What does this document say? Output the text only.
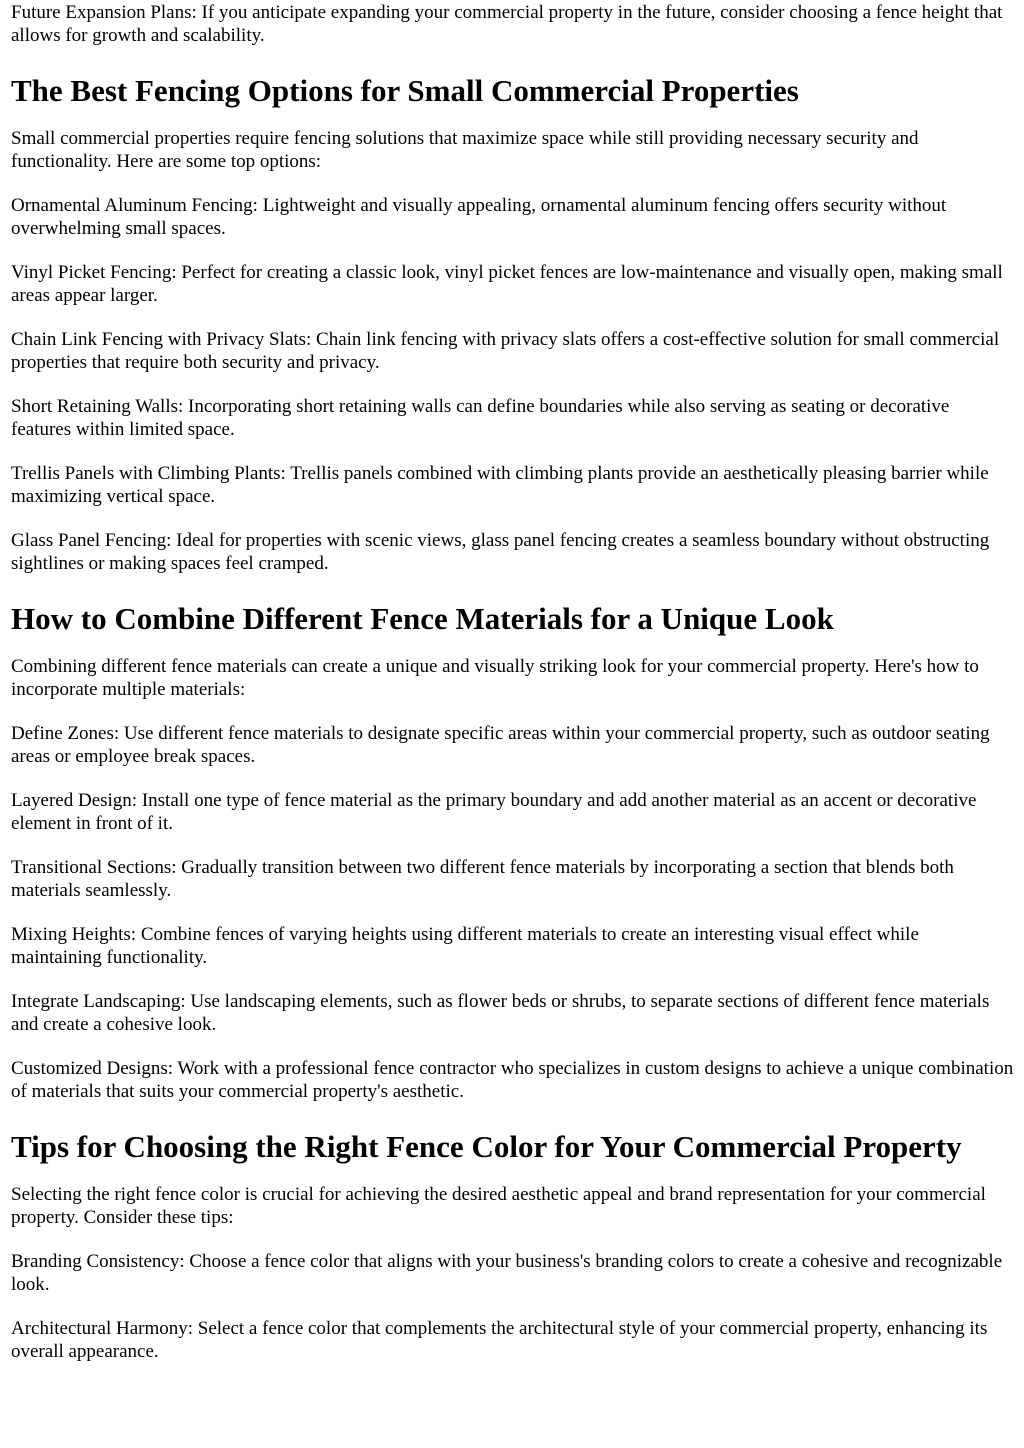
Future Expansion Plans: If you anticipate expanding your commercial property in the future, consider choosing a fence height that allows for growth and scalability.

The Best Fencing Options for Small Commercial Properties

Small commercial properties require fencing solutions that maximize space while still providing necessary security and functionality. Here are some top options:

Ornamental Aluminum Fencing: Lightweight and visually appealing, ornamental aluminum fencing offers security without overwhelming small spaces.

Vinyl Picket Fencing: Perfect for creating a classic look, vinyl picket fences are low-maintenance and visually open, making small areas appear larger.

Chain Link Fencing with Privacy Slats: Chain link fencing with privacy slats offers a cost-effective solution for small commercial properties that require both security and privacy.

Short Retaining Walls: Incorporating short retaining walls can define boundaries while also serving as seating or decorative features within limited space.

Trellis Panels with Climbing Plants: Trellis panels combined with climbing plants provide an aesthetically pleasing barrier while maximizing vertical space.

Glass Panel Fencing: Ideal for properties with scenic views, glass panel fencing creates a seamless boundary without obstructing sightlines or making spaces feel cramped.

How to Combine Different Fence Materials for a Unique Look

Combining different fence materials can create a unique and visually striking look for your commercial property. Here's how to incorporate multiple materials:

Define Zones: Use different fence materials to designate specific areas within your commercial property, such as outdoor seating areas or employee break spaces.

Layered Design: Install one type of fence material as the primary boundary and add another material as an accent or decorative element in front of it.

Transitional Sections: Gradually transition between two different fence materials by incorporating a section that blends both materials seamlessly.

Mixing Heights: Combine fences of varying heights using different materials to create an interesting visual effect while maintaining functionality.

Integrate Landscaping: Use landscaping elements, such as flower beds or shrubs, to separate sections of different fence materials and create a cohesive look.

Customized Designs: Work with a professional fence contractor who specializes in custom designs to achieve a unique combination of materials that suits your commercial property's aesthetic.

Tips for Choosing the Right Fence Color for Your Commercial Property

Selecting the right fence color is crucial for achieving the desired aesthetic appeal and brand representation for your commercial property. Consider these tips:

Branding Consistency: Choose a fence color that aligns with your business's branding colors to create a cohesive and recognizable look.

Architectural Harmony: Select a fence color that complements the architectural style of your commercial property, enhancing its overall appearance.
